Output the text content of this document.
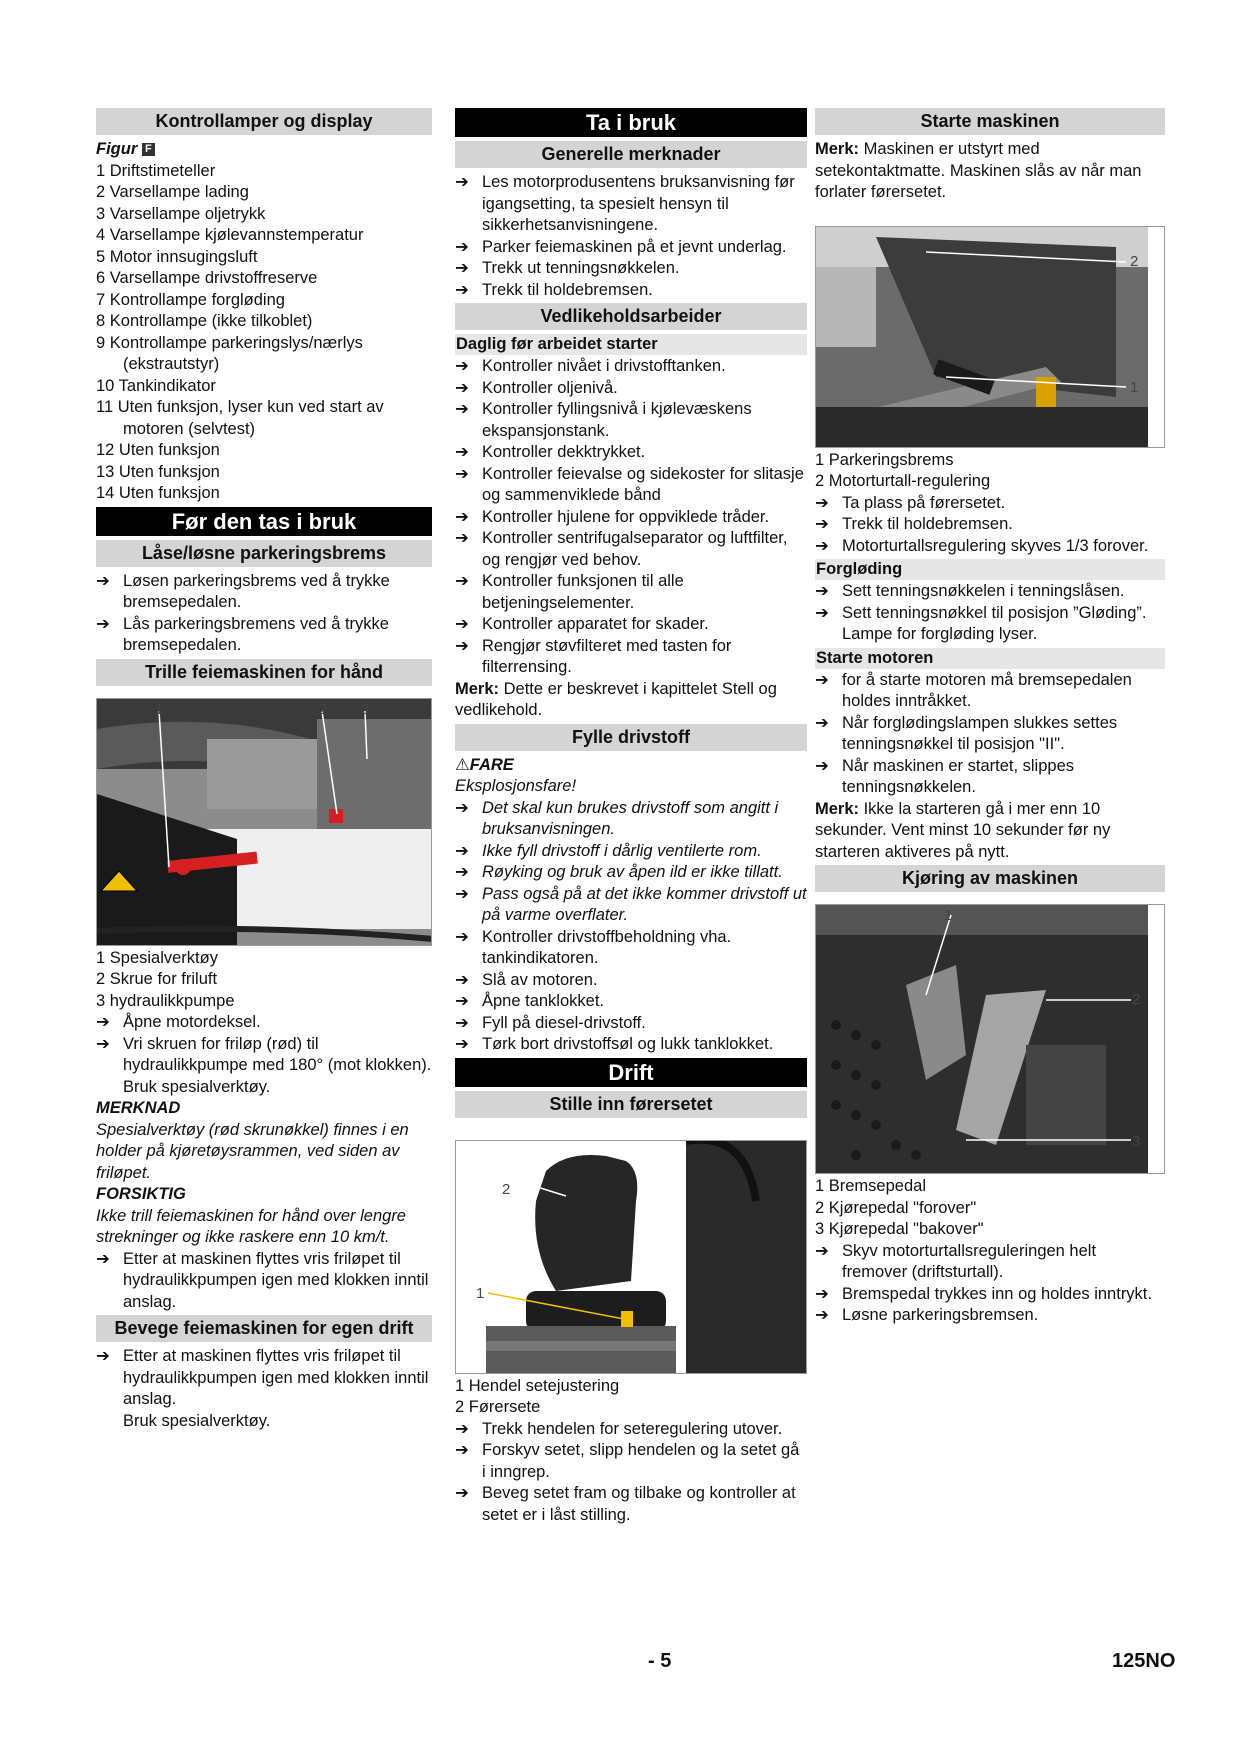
Kontrollamper og display

Figur F

1 Driftstimeteller

2 Varsellampe lading

3 Varsellampe oljetrykk

4 Varsellampe kjølevannstemperatur

5 Motor innsugingsluft

6 Varsellampe drivstoffreserve

7 Kontrollampe forgløding

8 Kontrollampe (ikke tilkoblet)

9 Kontrollampe parkeringslys/nærlys (ekstrautstyr)

10 Tankindikator

11 Uten funksjon, lyser kun ved start av motoren (selvtest)

12 Uten funksjon

13 Uten funksjon

14 Uten funksjon

Før den tas i bruk
Låse/løsne parkeringsbrems
➔ Løsen parkeringsbrems ved å trykke bremsepedalen.
➔ Lås parkeringsbremens ved å trykke bremsepedalen.
Trille feiemaskinen for hånd
1	2 3

1 Spesialverktøy

2 Skrue for friluft

3 hydraulikkpumpe

➔ Åpne motordeksel.
➔ Vri skruen for friløp (rød) til hydraulikkpumpe med 180° (mot klokken).

Bruk spesialverktøy.

MERKNAD

Spesialverktøy (rød skrunøkkel) finnes i en holder på kjøretøysrammen, ved siden av friløpet.

FORSIKTIG

Ikke trill feiemaskinen for hånd over lengre strekninger og ikke raskere enn 10 km/t.

➔ Etter at maskinen flyttes vris friløpet til hydraulikkpumpen igen med klokken inntil anslag.
Bevege feiemaskinen for egen drift
➔ Etter at maskinen flyttes vris friløpet til hydraulikkpumpen igen med klokken inntil anslag.

Bruk spesialverktøy.

Ta i bruk
Generelle merknader
➔ Les motorprodusentens bruksanvisning før igangsetting, ta spesielt hensyn til sikkerhetsanvisningene.
➔ Parker feiemaskinen på et jevnt underlag.
➔ Trekk ut tenningsnøkkelen.
➔ Trekk til holdebremsen.
Vedlikeholdsarbeider
Daglig før arbeidet starter
➔ Kontroller nivået i drivstofftanken.
➔ Kontroller oljenivå.
➔ Kontroller fyllingsnivå i kjølevæskens ekspansjonstank.
➔ Kontroller dekktrykket.
➔ Kontroller feievalse og sidekoster for slitasje og sammenviklede bånd
➔ Kontroller hjulene for oppviklede tråder.
➔ Kontroller sentrifugalseparator og luftfilter, og rengjør ved behov.
➔ Kontroller funksjonen til alle betjeningselementer.
➔ Kontroller apparatet for skader.
➔ Rengjør støvfilteret med tasten for filterrensing.

Merk: Dette er beskrevet i kapittelet Stell og vedlikehold.

Fylle drivstoff

⚠FARE

Eksplosjonsfare!

➔ Det skal kun brukes drivstoff som angitt i bruksanvisningen.
➔ Ikke fyll drivstoff i dårlig ventilerte rom.
➔ Røyking og bruk av åpen ild er ikke tillatt.
➔ Pass også på at det ikke kommer drivstoff ut på varme overflater.
➔ Kontroller drivstoffbeholdning vha. tankindikatoren.
➔ Slå av motoren.
➔ Åpne tanklokket.
➔ Fyll på diesel-drivstoff.
➔ Tørk bort drivstoffsøl og lukk tanklokket.
Drift
Stille inn førersetet
2
1

1 Hendel setejustering

2 Førersete

➔ Trekk hendelen for seteregulering utover.
➔ Forskyv setet, slipp hendelen og la setet gå i inngrep.
➔ Beveg setet fram og tilbake og kontroller at setet er i låst stilling.
Starte maskinen

Merk: Maskinen er utstyrt med setekontaktmatte. Maskinen slås av når man forlater førersetet.

2
1

1 Parkeringsbrems

2 Motorturtall-regulering

➔ Ta plass på førersetet.
➔ Trekk til holdebremsen.
➔ Motorturtallsregulering skyves 1/3 forover.
Forgløding
➔ Sett tenningsnøkkelen i tenningslåsen.
➔ Sett tenningsnøkkel til posisjon ”Gløding”.

Lampe for forgløding lyser.

Starte motoren
➔ for å starte motoren må bremsepedalen holdes inntråkket.
➔ Når forglødingslampen slukkes settes tenningsnøkkel til posisjon "II".
➔ Når maskinen er startet, slippes tenningsnøkkelen.

Merk: Ikke la starteren gå i mer enn 10 sekunder. Vent minst 10 sekunder før ny starteren aktiveres på nytt.

Kjøring av maskinen
1
2
3

1 Bremsepedal

2 Kjørepedal "forover"

3 Kjørepedal "bakover"

➔ Skyv motorturtallsreguleringen helt fremover (driftsturtall).
➔ Bremspedal trykkes inn og holdes inntrykt.
➔ Løsne parkeringsbremsen.
- 5	125NO
